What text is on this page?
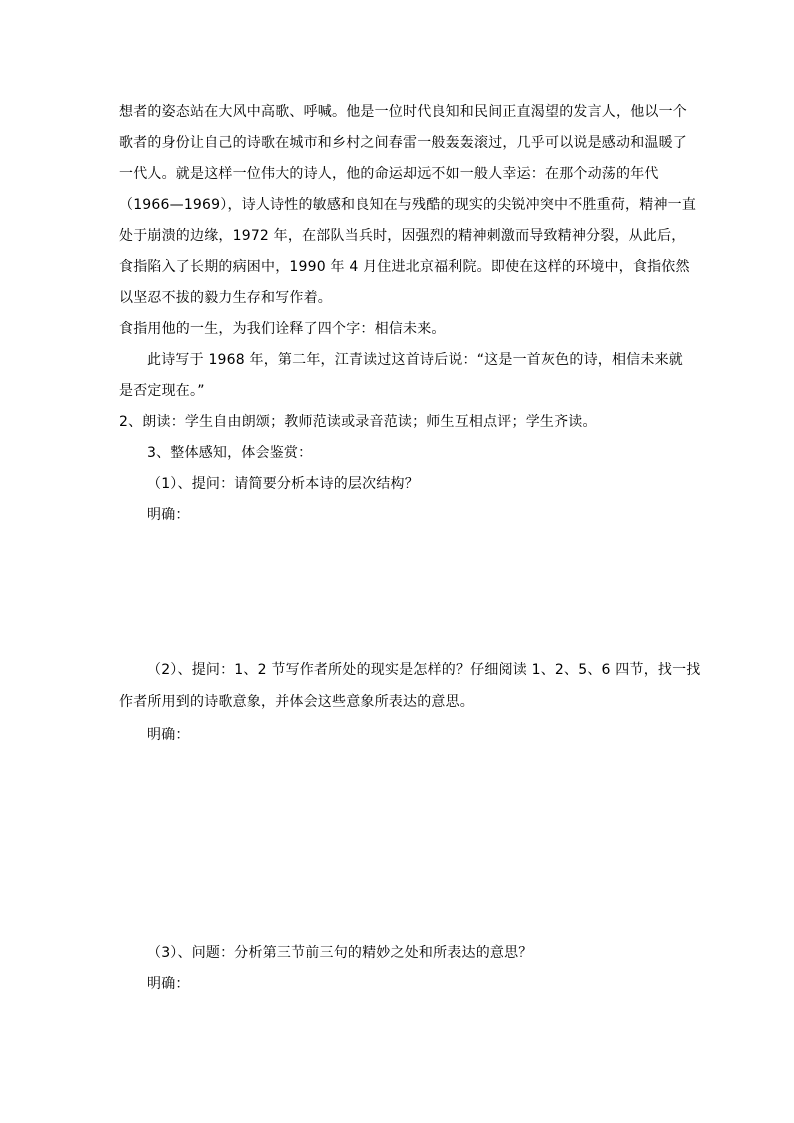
想者的姿态站在大风中高歌、呼喊。他是一位时代良知和民间正直渴望的发言人，他以一个
歌者的身份让自己的诗歌在城市和乡村之间春雷一般轰轰滚过，几乎可以说是感动和温暖了
一代人。就是这样一位伟大的诗人，他的命运却远不如一般人幸运：在那个动荡的年代
（1966—1969），诗人诗性的敏感和良知在与残酷的现实的尖锐冲突中不胜重荷，精神一直
处于崩溃的边缘，1972 年，在部队当兵时，因强烈的精神刺激而导致精神分裂，从此后，
食指陷入了长期的病困中，1990 年 4 月住进北京福利院。即使在这样的环境中，食指依然
以坚忍不拔的毅力生存和写作着。
食指用他的一生，为我们诠释了四个字：相信未来。
此诗写于 1968 年，第二年，江青读过这首诗后说：“这是一首灰色的诗，相信未来就
是否定现在。”
2、朗读：学生自由朗颂；教师范读或录音范读；师生互相点评；学生齐读。
3、整体感知，体会鉴赏：
（1）、提问：请简要分析本诗的层次结构？
明确：
（2）、提问：1、2 节写作者所处的现实是怎样的？仔细阅读 1、2、5、6 四节，找一找
作者所用到的诗歌意象，并体会这些意象所表达的意思。
明确：
（3）、问题：分析第三节前三句的精妙之处和所表达的意思？
明确：
